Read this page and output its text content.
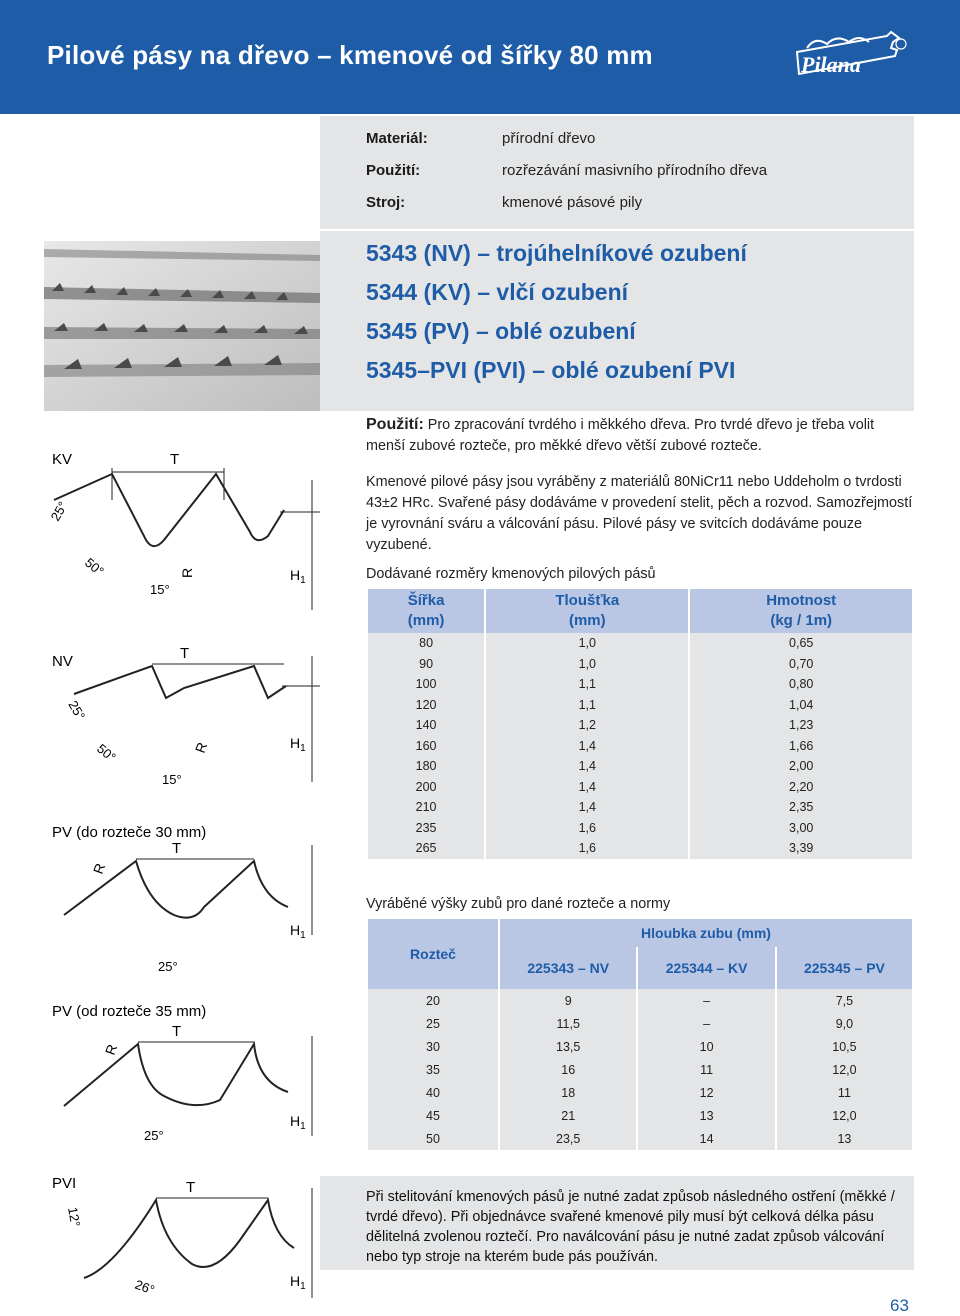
Pilové pásy na dřevo – kmenové od šířky 80 mm	Pilana
Materiál:	přírodní dřevo
Použití:	rozřezávání masivního přírodního dřeva
Stroj:	kmenové pásové pily
5343 (NV) – trojúhelníkové ozubení
5344 (KV) – vlčí ozubení
5345 (PV) – oblé ozubení
5345–PVI (PVI) – oblé ozubení PVI
Použití: Pro zpracování tvrdého i měkkého dřeva. Pro tvrdé dřevo je třeba volit menší zubové rozteče, pro měkké dřevo větší zubové rozteče.
Kmenové pilové pásy jsou vyráběny z materiálů 80NiCr11 nebo Uddeholm o tvrdosti 43±2 HRc. Svařené pásy dodáváme v provedení stelit, pěch a rozvod. Samozřejmostí je vyrovnání sváru a válcování pásu. Pilové pásy ve svitcích dodáváme pouze vyzubené.
Dodávané rozměry kmenových pilových pásů
Šířka
(mm)	Tloušťka
(mm)	Hmotnost
(kg / 1m)
80	1,0	0,65
90	1,0	0,70
100	1,1	0,80
120	1,1	1,04
140	1,2	1,23
160	1,4	1,66
180	1,4	2,00
200	1,4	2,20
210	1,4	2,35
235	1,6	3,00
265	1,6	3,39
Vyráběné výšky zubů pro dané rozteče a normy
Rozteč	Hloubka zubu (mm)		
	225343 – NV	225344 – KV	225345 – PV
20	9	–	7,5
25	11,5	–	9,0
30	13,5	10	10,5
35	16	11	12,0
40	18	12	11
45	21	13	12,0
50	23,5	14	13
Při stelitování kmenových pásů je nutné zadat způsob následného ostření (měkké / tvrdé dřevo). Při objednávce svařené kmenové pily musí být celková délka pásu dělitelná zvolenou roztečí. Pro naválcování pásu je nutné zadat způsob válcování nebo typ stroje na kterém bude pás používán.
63
KV	T
25°
50°
15°
R	$H_1$
NV	T
25°
50°
15°
R	$H_1$
PV (do rozteče 30 mm)
T
R
25°
$H_1$
PV (od rozteče 35 mm)
T
R
25°
$H_1$
PVI	T
12°
26°	$H_1$
